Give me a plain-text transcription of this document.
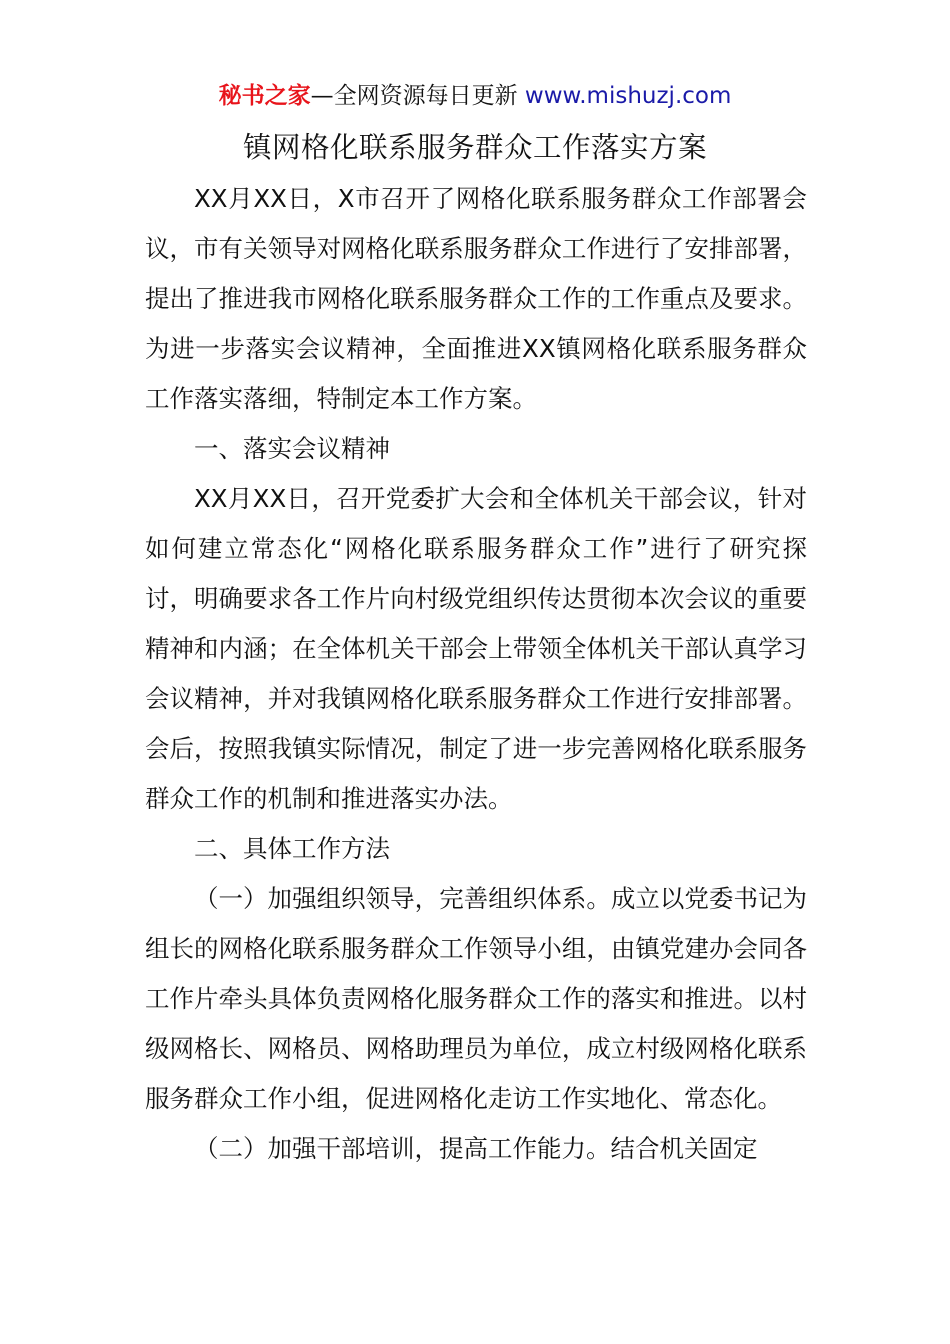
秘书之家—全网资源每日更新 www.mishuzj.com
镇网格化联系服务群众工作落实方案

XX月XX日，X市召开了网格化联系服务群众工作部署会议，市有关领导对网格化联系服务群众工作进行了安排部署，提出了推进我市网格化联系服务群众工作的工作重点及要求。为进一步落实会议精神，全面推进XX镇网格化联系服务群众工作落实落细，特制定本工作方案。

一、落实会议精神

XX月XX日，召开党委扩大会和全体机关干部会议，针对如何建立常态化“网格化联系服务群众工作”进行了研究探讨，明确要求各工作片向村级党组织传达贯彻本次会议的重要精神和内涵；在全体机关干部会上带领全体机关干部认真学习会议精神，并对我镇网格化联系服务群众工作进行安排部署。会后，按照我镇实际情况，制定了进一步完善网格化联系服务群众工作的机制和推进落实办法。

二、具体工作方法

（一）加强组织领导，完善组织体系。成立以党委书记为组长的网格化联系服务群众工作领导小组，由镇党建办会同各工作片牵头具体负责网格化服务群众工作的落实和推进。以村级网格长、网格员、网格助理员为单位，成立村级网格化联系服务群众工作小组，促进网格化走访工作实地化、常态化。

（二）加强干部培训，提高工作能力。结合机关固定
